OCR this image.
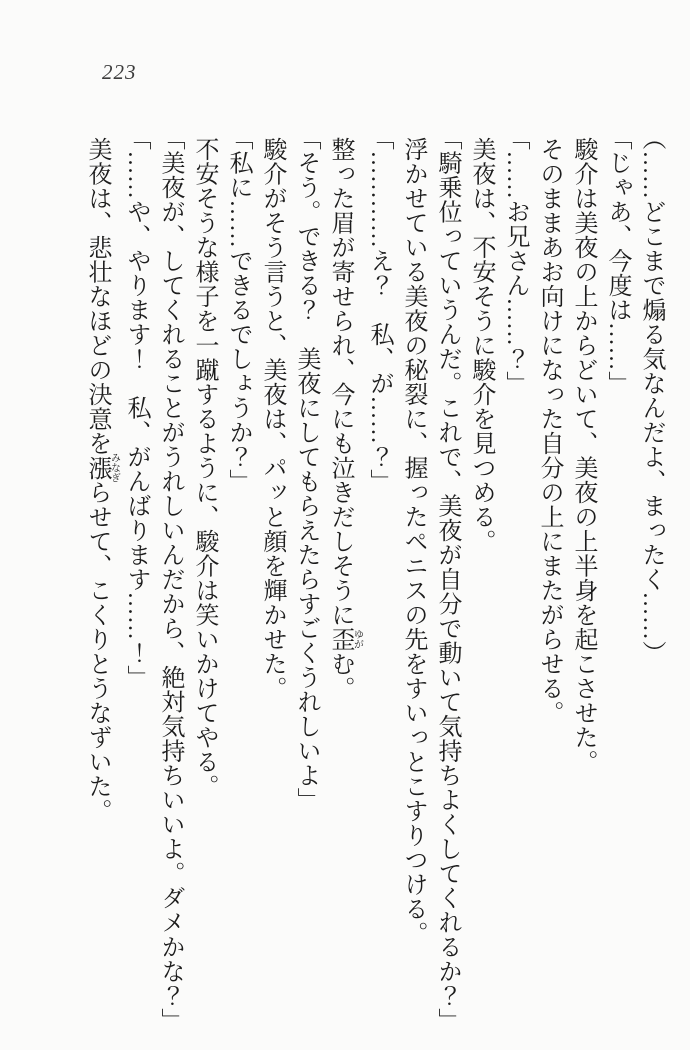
223

（……どこまで煽る気なんだよ、まったく……）

「じゃあ、今度は……」

駿介は美夜の上からどいて、美夜の上半身を起こさせた。

そのままあお向けになった自分の上にまたがらせる。

「……お兄さん……？」

美夜は、不安そうに駿介を見つめる。

「騎乗位っていうんだ。これで、美夜が自分で動いて気持ちよくしてくれるか？」

浮かせている美夜の秘裂に、握ったペニスの先をすいっとこすりつける。

「…………え？　私、が……？」

整った眉が寄せられ、今にも泣きだしそうに歪ゆがむ。

「そう。できる？　美夜にしてもらえたらすごくうれしいよ」

駿介がそう言うと、美夜は、パッと顔を輝かせた。

「私に……できるでしょうか？」

不安そうな様子を一蹴するように、駿介は笑いかけてやる。

「美夜が、してくれることがうれしいんだから、絶対気持ちいいよ。ダメかな？」

「……や、やります！　私、がんばります……！」

美夜は、悲壮なほどの決意を漲みなぎらせて、こくりとうなずいた。
